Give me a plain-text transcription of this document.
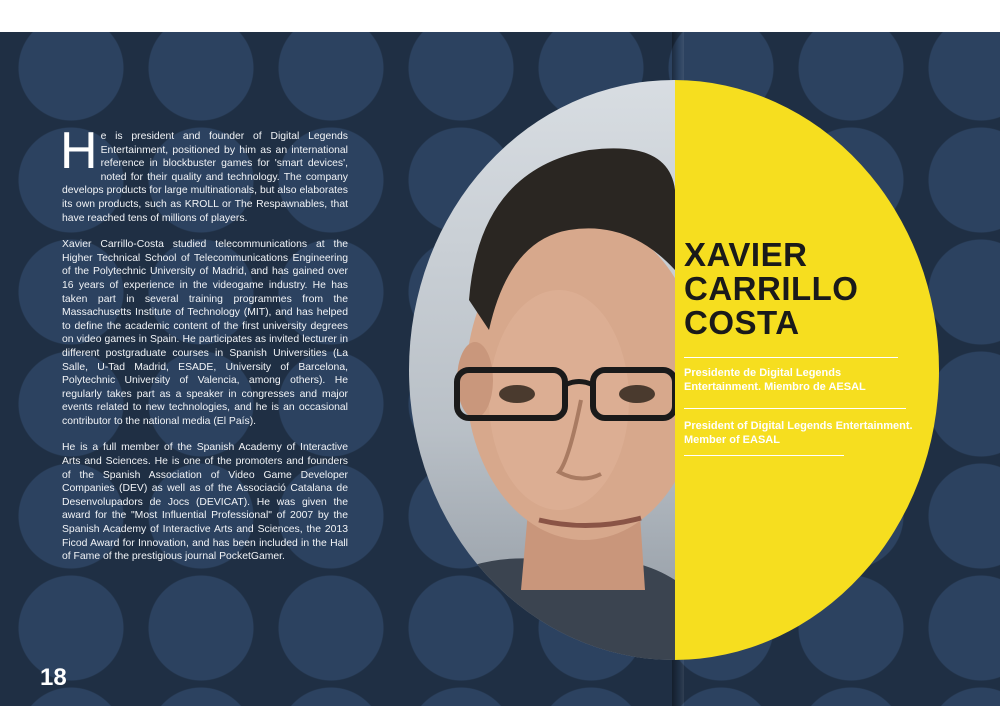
He is president and founder of Digital Legends Entertainment, positioned by him as an international reference in blockbuster games for 'smart devices', noted for their quality and technology. The company develops products for large multinationals, but also elaborates its own products, such as KROLL or The Respawnables, that have reached tens of millions of players.

Xavier Carrillo-Costa studied telecommunications at the Higher Technical School of Telecommunications Engineering of the Polytechnic University of Madrid, and has gained over 16 years of experience in the videogame industry. He has taken part in several training programmes from the Massachusetts Institute of Technology (MIT), and has helped to define the academic content of the first university degrees on video games in Spain. He participates as invited lecturer in different postgraduate courses in Spanish Universities (La Salle, U-Tad Madrid, ESADE, University of Barcelona, Polytechnic University of Valencia, among others). He regularly takes part as a speaker in congresses and major events related to new technologies, and he is an occasional contributor to the national media (El País).

He is a full member of the Spanish Academy of Interactive Arts and Sciences. He is one of the promoters and founders of the Spanish Association of Video Game Developer Companies (DEV) as well as of the Associació Catalana de Desenvolupadors de Jocs (DEVICAT). He was given the award for the "Most Influential Professional" of 2007 by the Spanish Academy of Interactive Arts and Sciences, the 2013 Ficod Award for Innovation, and has been included in the Hall of Fame of the prestigious journal PocketGamer.

18
XAVIER
CARRILLO
COSTA
Presidente de Digital Legends Entertainment. Miembro de AESAL
President of Digital Legends Entertainment. Member of EASAL
